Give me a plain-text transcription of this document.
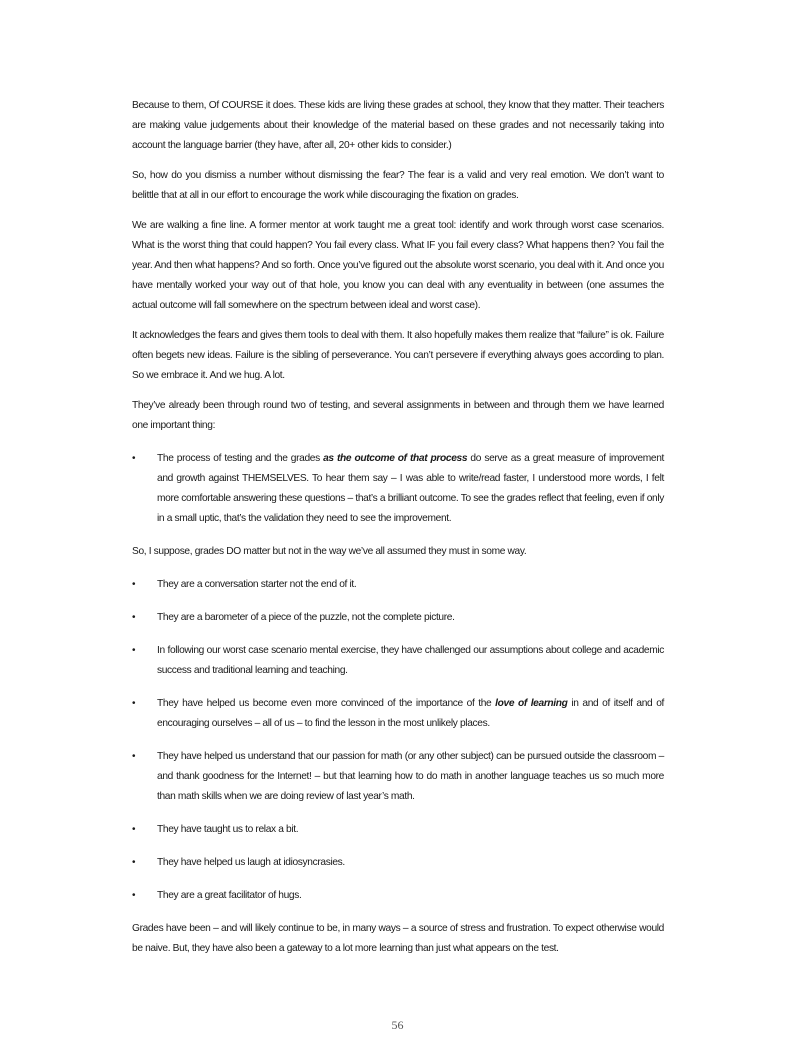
Because to them, Of COURSE it does. These kids are living these grades at school, they know that they matter. Their teachers are making value judgements about their knowledge of the material based on these grades and not necessarily taking into account the language barrier (they have, after all, 20+ other kids to consider.)

So, how do you dismiss a number without dismissing the fear? The fear is a valid and very real emotion. We don’t want to belittle that at all in our effort to encourage the work while discouraging the fixation on grades.

We are walking a fine line. A former mentor at work taught me a great tool: identify and work through worst case scenarios. What is the worst thing that could happen? You fail every class. What IF you fail every class? What happens then? You fail the year. And then what happens? And so forth. Once you’ve figured out the absolute worst scenario, you deal with it. And once you have mentally worked your way out of that hole, you know you can deal with any eventuality in between (one assumes the actual outcome will fall somewhere on the spectrum between ideal and worst case).

It acknowledges the fears and gives them tools to deal with them. It also hopefully makes them realize that “failure” is ok. Failure often begets new ideas. Failure is the sibling of perseverance. You can’t persevere if everything always goes according to plan. So we embrace it. And we hug. A lot.

They’ve already been through round two of testing, and several assignments in between and through them we have learned one important thing:

• The process of testing and the grades as the outcome of that process do serve as a great measure of improvement and growth against THEMSELVES. To hear them say – I was able to write/read faster, I understood more words, I felt more comfortable answering these questions – that’s a brilliant outcome. To see the grades reflect that feeling, even if only in a small uptic, that’s the validation they need to see the improvement.

So, I suppose, grades DO matter but not in the way we’ve all assumed they must in some way.

• They are a conversation starter not the end of it.
• They are a barometer of a piece of the puzzle, not the complete picture.
• In following our worst case scenario mental exercise, they have challenged our assumptions about college and academic success and traditional learning and teaching.
• They have helped us become even more convinced of the importance of the love of learning in and of itself and of encouraging ourselves – all of us – to find the lesson in the most unlikely places.
• They have helped us understand that our passion for math (or any other subject) can be pursued outside the classroom – and thank goodness for the Internet! – but that learning how to do math in another language teaches us so much more than math skills when we are doing review of last year’s math.
• They have taught us to relax a bit.
• They have helped us laugh at idiosyncrasies.
• They are a great facilitator of hugs.

Grades have been – and will likely continue to be, in many ways – a source of stress and frustration. To expect otherwise would be naive. But, they have also been a gateway to a lot more learning than just what appears on the test.

56
